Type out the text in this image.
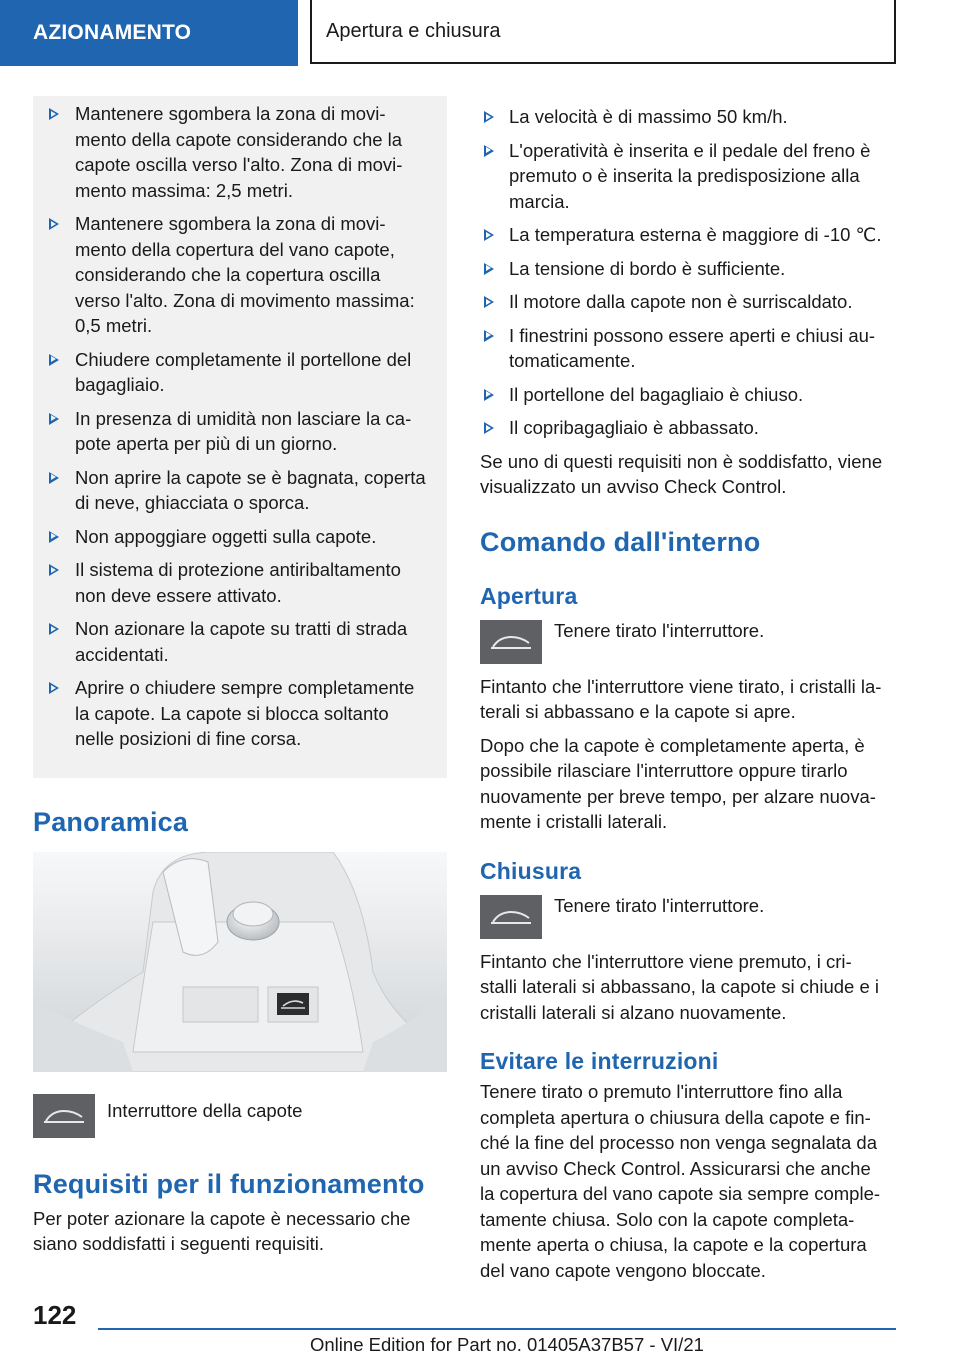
AZIONAMENTO	Apertura e chiusura
Mantenere sgombera la zona di movi-
mento della capote considerando che la
capote oscilla verso l'alto. Zona di movi-
mento massima: 2,5 metri.
Mantenere sgombera la zona di movi-
mento della copertura del vano capote,
considerando che la copertura oscilla
verso l'alto. Zona di movimento massima:
0,5 metri.
Chiudere completamente il portellone del
bagagliaio.
In presenza di umidità non lasciare la ca-
pote aperta per più di un giorno.
Non aprire la capote se è bagnata, coperta
di neve, ghiacciata o sporca.
Non appoggiare oggetti sulla capote.
Il sistema di protezione antiribaltamento
non deve essere attivato.
Non azionare la capote su tratti di strada
accidentati.
Aprire o chiudere sempre completamente
la capote. La capote si blocca soltanto
nelle posizioni di fine corsa.
Panoramica

Interruttore della capote

Requisiti per il funzionamento

Per poter azionare la capote è necessario che
siano soddisfatti i seguenti requisiti.

La velocità è di massimo 50 km/h.
L'operatività è inserita e il pedale del freno è
premuto o è inserita la predisposizione alla
marcia.
La temperatura esterna è maggiore di -10 ℃.
La tensione di bordo è sufficiente.
Il motore dalla capote non è surriscaldato.
I finestrini possono essere aperti e chiusi au-
tomaticamente.
Il portellone del bagagliaio è chiuso.
Il copribagagliaio è abbassato.

Se uno di questi requisiti non è soddisfatto, viene
visualizzato un avviso Check Control.

Comando dall'interno
Apertura

Tenere tirato l'interruttore.

Fintanto che l'interruttore viene tirato, i cristalli la-
terali si abbassano e la capote si apre.

Dopo che la capote è completamente aperta, è
possibile rilasciare l'interruttore oppure tirarlo
nuovamente per breve tempo, per alzare nuova-
mente i cristalli laterali.

Chiusura

Tenere tirato l'interruttore.

Fintanto che l'interruttore viene premuto, i cri-
stalli laterali si abbassano, la capote si chiude e i
cristalli laterali si alzano nuovamente.

Evitare le interruzioni

Tenere tirato o premuto l'interruttore fino alla
completa apertura o chiusura della capote e fin-
ché la fine del processo non venga segnalata da
un avviso Check Control. Assicurarsi che anche
la copertura del vano capote sia sempre comple-
tamente chiusa. Solo con la capote completa-
mente aperta o chiusa, la capote e la copertura
del vano capote vengono bloccate.

122
Online Edition for Part no. 01405A37B57 - VI/21
